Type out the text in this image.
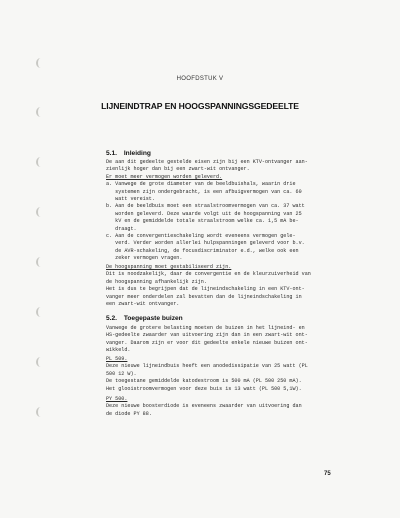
HOOFDSTUK V
LIJNEINDTRAP EN HOOGSPANNINGSGEDEELTE
5.1. Inleiding
De aan dit gedeelte gestelde eisen zijn bij een KTV-ontvanger aan-
zienlijk hoger dan bij een zwart-wit ontvanger.
Er moet meer vermogen worden geleverd.
a. Vanwege de grote diameter van de beeldbuishals, waarin drie
systemen zijn ondergebracht, is een afbuigvermogen van ca. 60
watt vereist.
b. Aan de beeldbuis moet een straalstroomvermogen van ca. 37 watt
worden geleverd. Deze waarde volgt uit de hoogspanning van 25
kV en de gemiddelde totale straalstroom welke ca. 1,5 mA be-
draagt.
c. Aan de convergentieschakeling wordt eveneens vermogen gele-
verd. Verder worden allerlei hulpspanningen geleverd voor b.v.
de AVR-schakeling, de focusdiscriminator e.d., welke ook een
zeker vermogen vragen.
De hoogspanning moet gestabiliseerd zijn.
Dit is noodzakelijk, daar de convergentie en de kleurzuiverheid van
de hoogspanning afhankelijk zijn.
Het is dus te begrijpen dat de lijneindschakeling in een KTV-ont-
vanger meer onderdelen zal bevatten dan de lijneindschakeling in
een zwart-wit ontvanger.
5.2. Toegepaste buizen
Vanwege de grotere belasting moeten de buizen in het lijneind- en
HS-gedeelte zwaarder van uitvoering zijn dan in een zwart-wit ont-
vanger. Daarom zijn er voor dit gedeelte enkele nieuwe buizen ont-
wikkeld.
PL 509.
Deze nieuwe lijneindbuis heeft een anodedissipatie van 25 watt (PL
500 12 W).
De toegestane gemiddelde katodestroom is 500 mA (PL 500 250 mA).
Het glooistroomvermogen voor deze buis is 13 watt (PL 500 5,1W).
PY 500.
Deze nieuwe boosterdiode is eveneens zwaarder van uitvoering dan
de diode PY 88.
75
